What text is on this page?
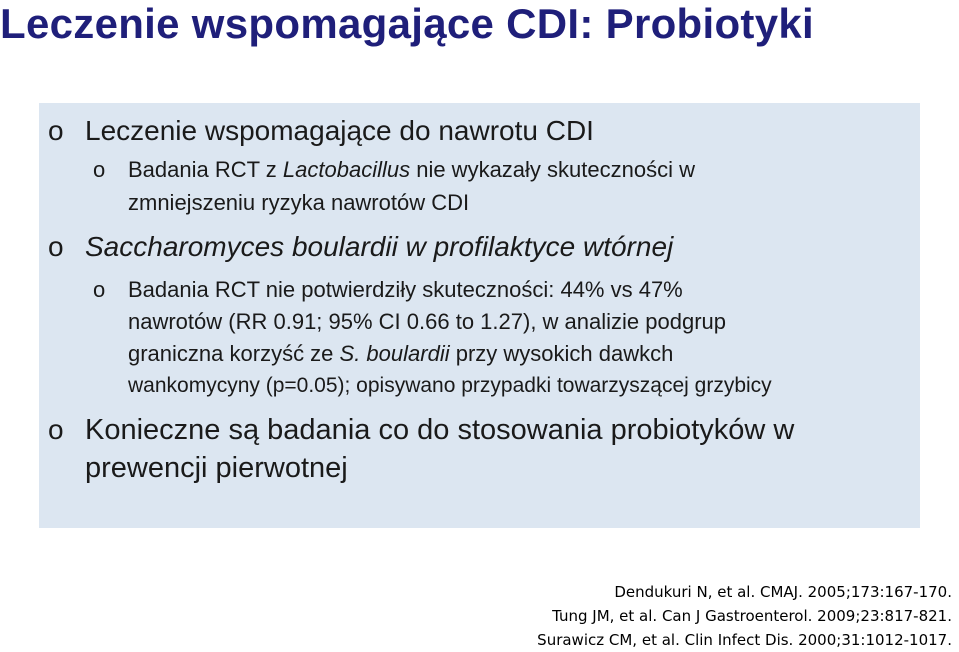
Leczenie wspomagające CDI: Probiotyki
o Leczenie wspomagające do nawrotu CDI
o Badania RCT z Lactobacillus nie wykazały skuteczności w
zmniejszeniu ryzyka nawrotów CDI
o Saccharomyces boulardii w profilaktyce wtórnej
o Badania RCT nie potwierdziły skuteczności: 44% vs 47%
nawrotów (RR 0.91; 95% CI 0.66 to 1.27), w analizie podgrup
graniczna korzyść ze S. boulardii przy wysokich dawkch
wankomycyny (p=0.05); opisywano przypadki towarzyszącej grzybicy
o Konieczne są badania co do stosowania probiotyków w
prewencji pierwotnej
Dendukuri N, et al. CMAJ. 2005;173:167-170.
Tung JM, et al. Can J Gastroenterol. 2009;23:817-821.
Surawicz CM, et al. Clin Infect Dis. 2000;31:1012-1017.
